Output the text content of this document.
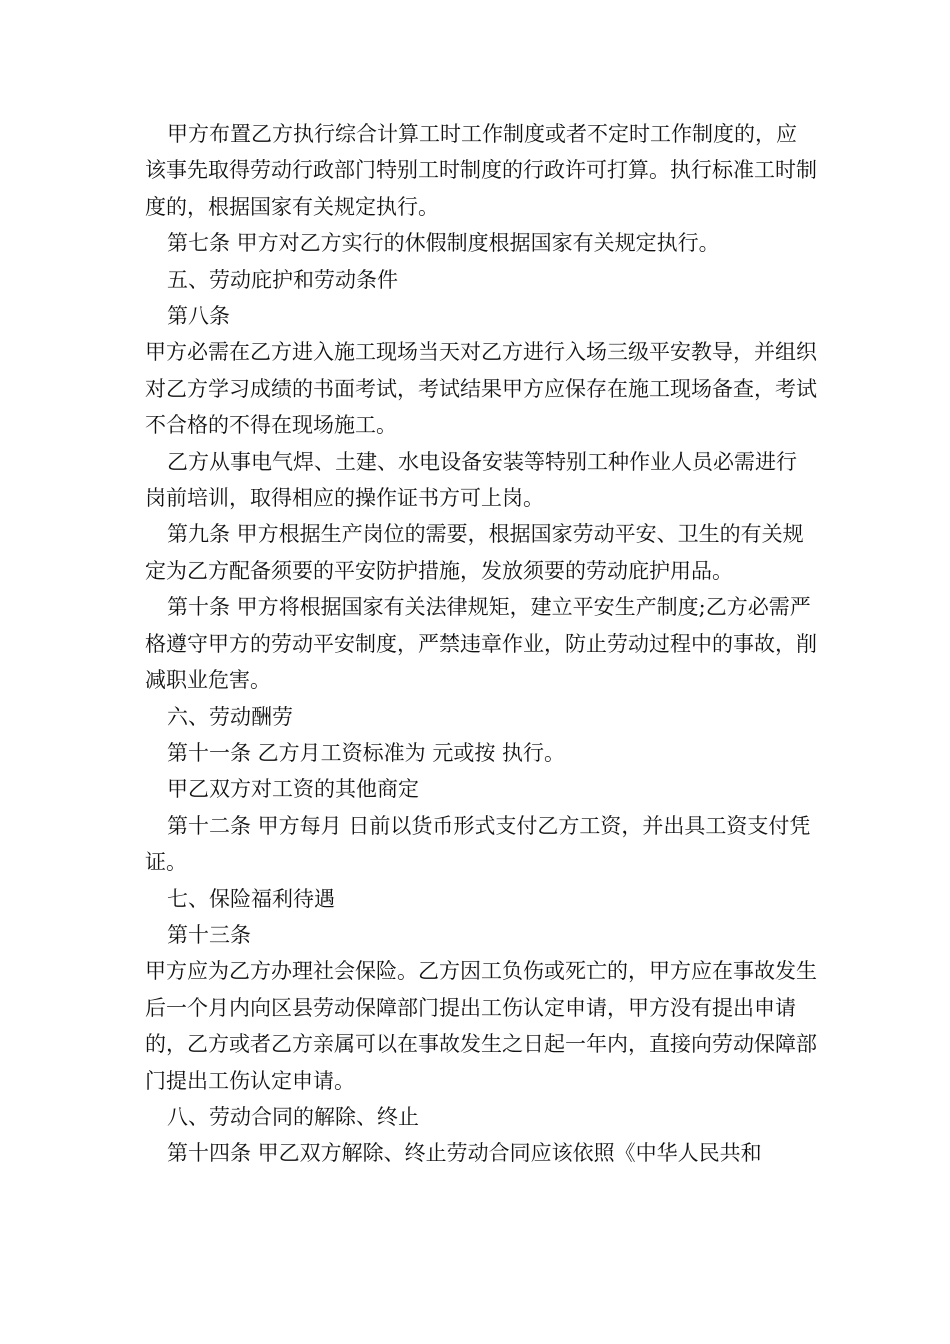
甲方布置乙方执行综合计算工时工作制度或者不定时工作制度的，应该事先取得劳动行政部门特别工时制度的行政许可打算。执行标准工时制度的，根据国家有关规定执行。

第七条 甲方对乙方实行的休假制度根据国家有关规定执行。

五、劳动庇护和劳动条件

第八条

甲方必需在乙方进入施工现场当天对乙方进行入场三级平安教导，并组织对乙方学习成绩的书面考试，考试结果甲方应保存在施工现场备查，考试不合格的不得在现场施工。

乙方从事电气焊、土建、水电设备安装等特别工种作业人员必需进行岗前培训，取得相应的操作证书方可上岗。

第九条 甲方根据生产岗位的需要，根据国家劳动平安、卫生的有关规定为乙方配备须要的平安防护措施，发放须要的劳动庇护用品。

第十条 甲方将根据国家有关法律规矩，建立平安生产制度;乙方必需严格遵守甲方的劳动平安制度，严禁违章作业，防止劳动过程中的事故，削减职业危害。

六、劳动酬劳

第十一条 乙方月工资标准为 元或按 执行。

甲乙双方对工资的其他商定

第十二条 甲方每月 日前以货币形式支付乙方工资，并出具工资支付凭证。

七、保险福利待遇

第十三条

甲方应为乙方办理社会保险。乙方因工负伤或死亡的，甲方应在事故发生后一个月内向区县劳动保障部门提出工伤认定申请，甲方没有提出申请的，乙方或者乙方亲属可以在事故发生之日起一年内，直接向劳动保障部门提出工伤认定申请。

八、劳动合同的解除、终止

第十四条 甲乙双方解除、终止劳动合同应该依照《中华人民共和
